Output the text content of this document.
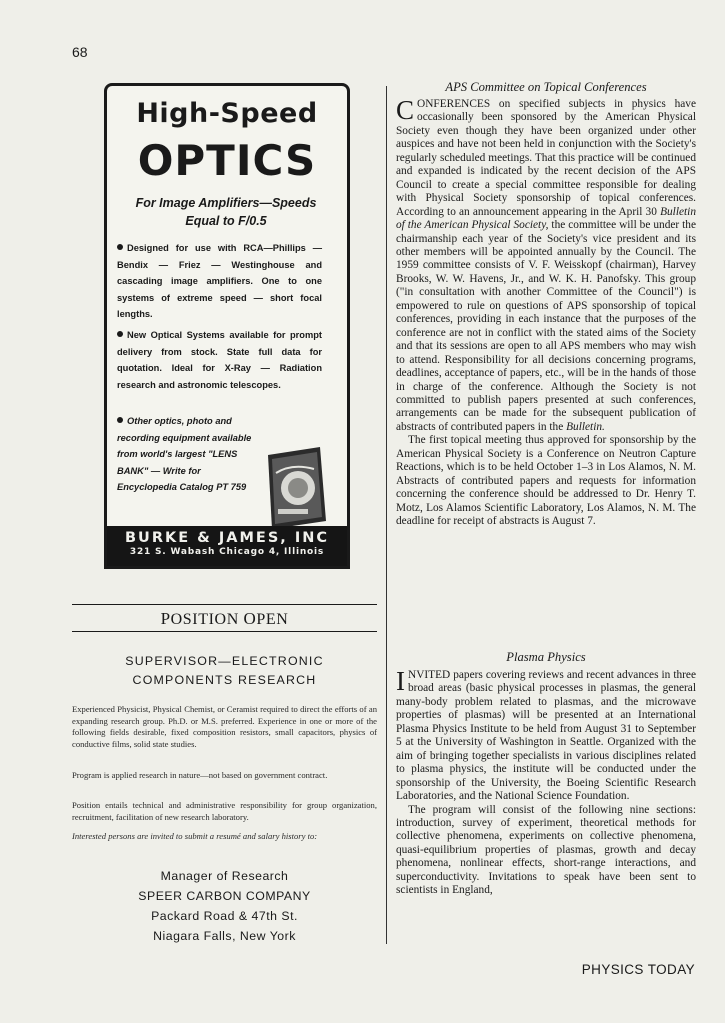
68
High-Speed
OPTICS
For Image Amplifiers—Speeds
Equal to F/0.5
Designed for use with RCA—Phillips — Bendix — Friez — Westinghouse and cascading image amplifiers. One to one systems of extreme speed — short focal lengths.
New Optical Systems available for prompt delivery from stock. State full data for quotation. Ideal for X-Ray — Radiation research and astronomic telescopes.
Other optics, photo and recording equipment available from world's largest "LENS BANK" — Write for Encyclopedia Catalog PT 759
BURKE & JAMES, INC
321 S. Wabash Chicago 4, Illinois
POSITION OPEN
SUPERVISOR—ELECTRONIC
COMPONENTS RESEARCH
Experienced Physicist, Physical Chemist, or Ceramist required to direct the efforts of an expanding research group. Ph.D. or M.S. preferred. Experience in one or more of the following fields desirable, fixed composition resistors, small capacitors, physics of conductive films, solid state studies.
Program is applied research in nature—not based on government contract.
Position entails technical and administrative responsibility for group organization, recruitment, facilitation of new research laboratory.
Interested persons are invited to submit a resumé and salary history to:
Manager of Research
SPEER CARBON COMPANY
Packard Road & 47th St.
Niagara Falls, New York
APS Committee on Topical Conferences

CONFERENCES on specified subjects in physics have occasionally been sponsored by the American Physical Society even though they have been organized under other auspices and have not been held in conjunction with the Society's regularly scheduled meetings. That this practice will be continued and expanded is indicated by the recent decision of the APS Council to create a special committee responsible for dealing with Physical Society sponsorship of topical conferences. According to an announcement appearing in the April 30 Bulletin of the American Physical Society, the committee will be under the chairmanship each year of the Society's vice president and its other members will be appointed annually by the Council. The 1959 committee consists of V. F. Weisskopf (chairman), Harvey Brooks, W. W. Havens, Jr., and W. K. H. Panofsky. This group ("in consultation with another Committee of the Council") is empowered to rule on questions of APS sponsorship of topical conferences, providing in each instance that the purposes of the conference are not in conflict with the stated aims of the Society and that its sessions are open to all APS members who may wish to attend. Responsibility for all decisions concerning programs, deadlines, acceptance of papers, etc., will be in the hands of those in charge of the conference. Although the Society is not committed to publish papers presented at such conferences, arrangements can be made for the subsequent publication of abstracts of contributed papers in the Bulletin.

The first topical meeting thus approved for sponsorship by the American Physical Society is a Conference on Neutron Capture Reactions, which is to be held October 1–3 in Los Alamos, N. M. Abstracts of contributed papers and requests for information concerning the conference should be addressed to Dr. Henry T. Motz, Los Alamos Scientific Laboratory, Los Alamos, N. M. The deadline for receipt of abstracts is August 7.

Plasma Physics

INVITED papers covering reviews and recent advances in three broad areas (basic physical processes in plasmas, the general many-body problem related to plasmas, and the microwave properties of plasmas) will be presented at an International Plasma Physics Institute to be held from August 31 to September 5 at the University of Washington in Seattle. Organized with the aim of bringing together specialists in various disciplines related to plasma physics, the institute will be conducted under the sponsorship of the University, the Boeing Scientific Research Laboratories, and the National Science Foundation.

The program will consist of the following nine sections: introduction, survey of experiment, theoretical methods for collective phenomena, experiments on collective phenomena, quasi-equilibrium properties of plasmas, growth and decay phenomena, nonlinear effects, short-range interactions, and superconductivity. Invitations to speak have been sent to scientists in England,

PHYSICS TODAY
